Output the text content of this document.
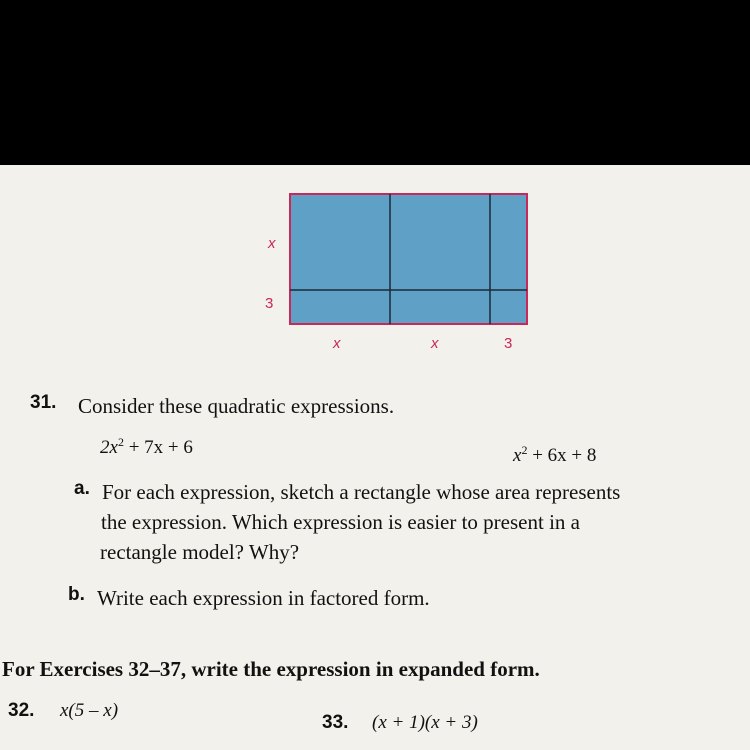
x
3
x	x	3
31. Consider these quadratic expressions.
$2x^2 + 7x + 6$	$x^2 + 6x + 8$
a. For each expression, sketch a rectangle whose area represents
the expression. Which expression is easier to present in a
rectangle model? Why?
b. Write each expression in factored form.
For Exercises 32–37, write the expression in expanded form.
32. x(5 – x)
33. (x + 1)(x + 3)
